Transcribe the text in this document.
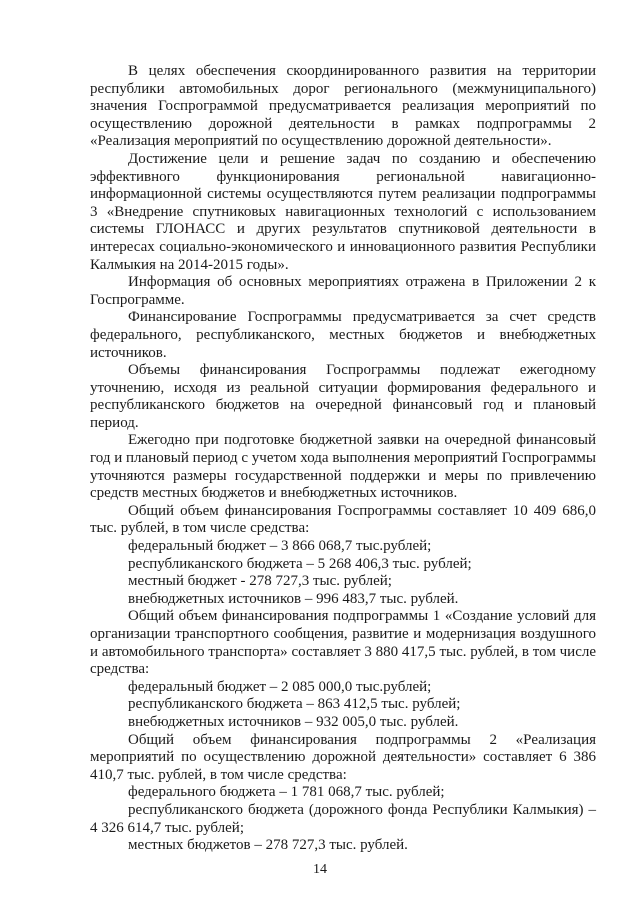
В целях обеспечения скоординированного развития на территории республики автомобильных дорог регионального (межмуниципального) значения Госпрограммой предусматривается реализация мероприятий по осуществлению дорожной деятельности в рамках подпрограммы 2 «Реализация мероприятий по осуществлению дорожной деятельности».

Достижение цели и решение задач по созданию и обеспечению эффективного функционирования региональной навигационно-информационной системы осуществляются путем реализации подпрограммы 3 «Внедрение спутниковых навигационных технологий с использованием системы ГЛОНАСС и других результатов спутниковой деятельности в интересах социально-экономического и инновационного развития Республики Калмыкия на 2014-2015 годы».

Информация об основных мероприятиях отражена в Приложении 2 к Госпрограмме.

Финансирование Госпрограммы предусматривается за счет средств федерального, республиканского, местных бюджетов и внебюджетных источников.

Объемы финансирования Госпрограммы подлежат ежегодному уточнению, исходя из реальной ситуации формирования федерального и республиканского бюджетов на очередной финансовый год и плановый период.

Ежегодно при подготовке бюджетной заявки на очередной финансовый год и плановый период с учетом хода выполнения мероприятий Госпрограммы уточняются размеры государственной поддержки и меры по привлечению средств местных бюджетов и внебюджетных источников.

Общий объем финансирования Госпрограммы составляет 10 409 686,0 тыс. рублей, в том числе средства:

федеральный бюджет – 3 866 068,7 тыс.рублей;

республиканского бюджета – 5 268 406,3 тыс. рублей;

местный бюджет - 278 727,3 тыс. рублей;

внебюджетных источников – 996 483,7 тыс. рублей.

Общий объем финансирования подпрограммы 1 «Создание условий для организации транспортного сообщения, развитие и модернизация воздушного и автомобильного транспорта» составляет 3 880 417,5 тыс. рублей, в том числе средства:

федеральный бюджет – 2 085 000,0 тыс.рублей;

республиканского бюджета – 863 412,5 тыс. рублей;

внебюджетных источников – 932 005,0 тыс. рублей.

Общий объем финансирования подпрограммы 2 «Реализация мероприятий по осуществлению дорожной деятельности» составляет 6 386 410,7 тыс. рублей, в том числе средства:

федерального бюджета – 1 781 068,7 тыс. рублей;

республиканского бюджета (дорожного фонда Республики Калмыкия) – 4 326 614,7 тыс. рублей;

местных бюджетов – 278 727,3 тыс. рублей.

14
